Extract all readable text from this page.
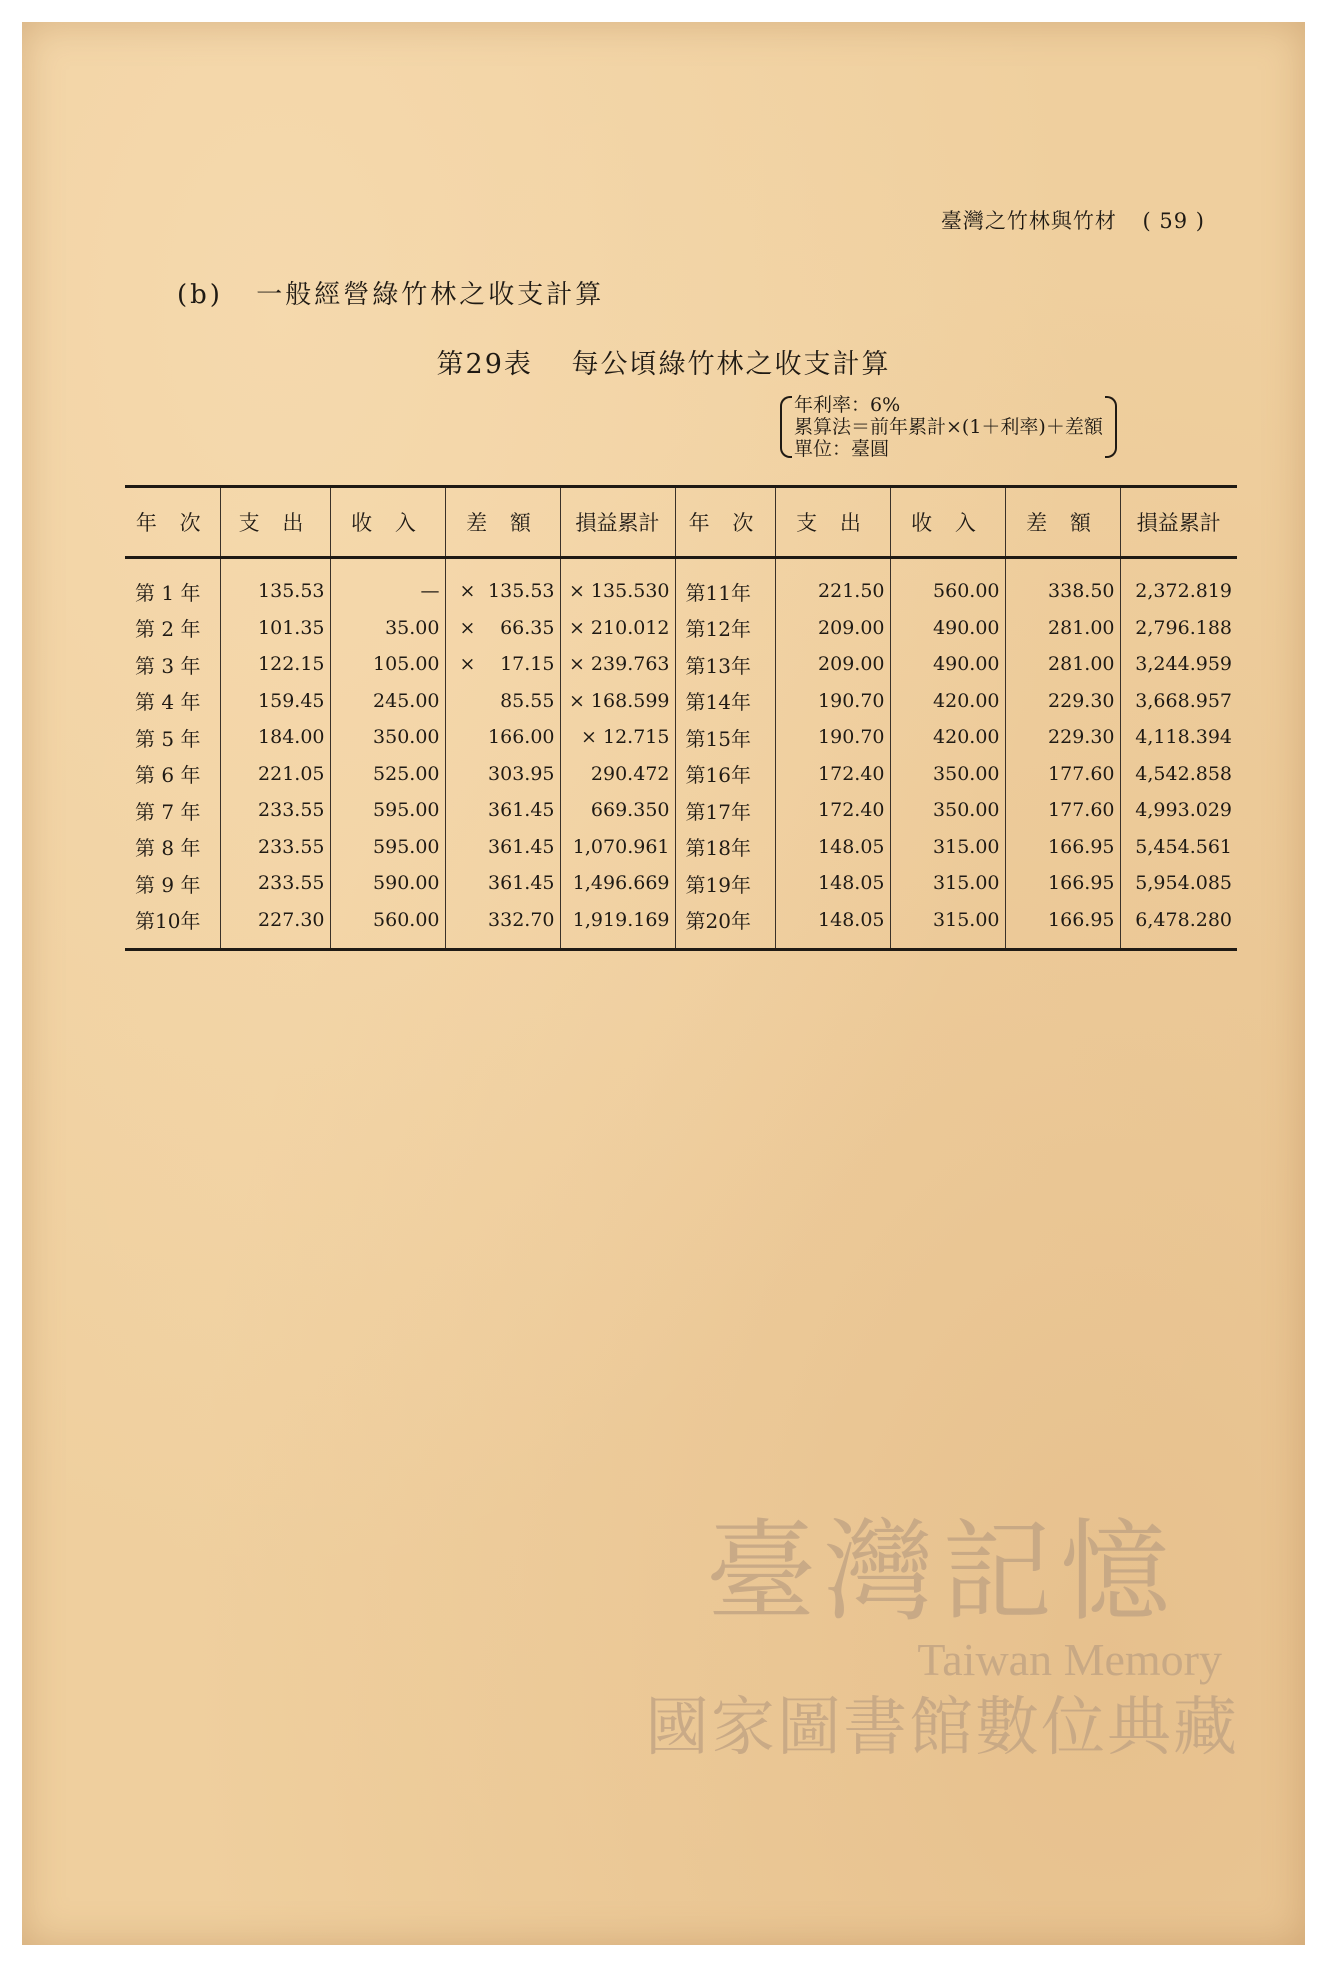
臺灣之竹林與竹材 ( 59 )
(b) 一般經營綠竹林之收支計算
第29表 每公頃綠竹林之收支計算
年利率：6%
累算法＝前年累計×(1＋利率)＋差額
單位：臺圓
年 次	支 出	收 入	差 額	損益累計	年 次	支 出	收 入	差 額	損益累計
第 1 年	135.53	—	× 135.53	× 135.530	第11年	221.50	560.00	338.50	2,372.819
第 2 年	101.35	35.00	× 66.35	× 210.012	第12年	209.00	490.00	281.00	2,796.188
第 3 年	122.15	105.00	× 17.15	× 239.763	第13年	209.00	490.00	281.00	3,244.959
第 4 年	159.45	245.00	85.55	× 168.599	第14年	190.70	420.00	229.30	3,668.957
第 5 年	184.00	350.00	166.00	× 12.715	第15年	190.70	420.00	229.30	4,118.394
第 6 年	221.05	525.00	303.95	290.472	第16年	172.40	350.00	177.60	4,542.858
第 7 年	233.55	595.00	361.45	669.350	第17年	172.40	350.00	177.60	4,993.029
第 8 年	233.55	595.00	361.45	1,070.961	第18年	148.05	315.00	166.95	5,454.561
第 9 年	233.55	590.00	361.45	1,496.669	第19年	148.05	315.00	166.95	5,954.085
第10年	227.30	560.00	332.70	1,919.169	第20年	148.05	315.00	166.95	6,478.280
臺灣記憶
Taiwan Memory
國家圖書館數位典藏
